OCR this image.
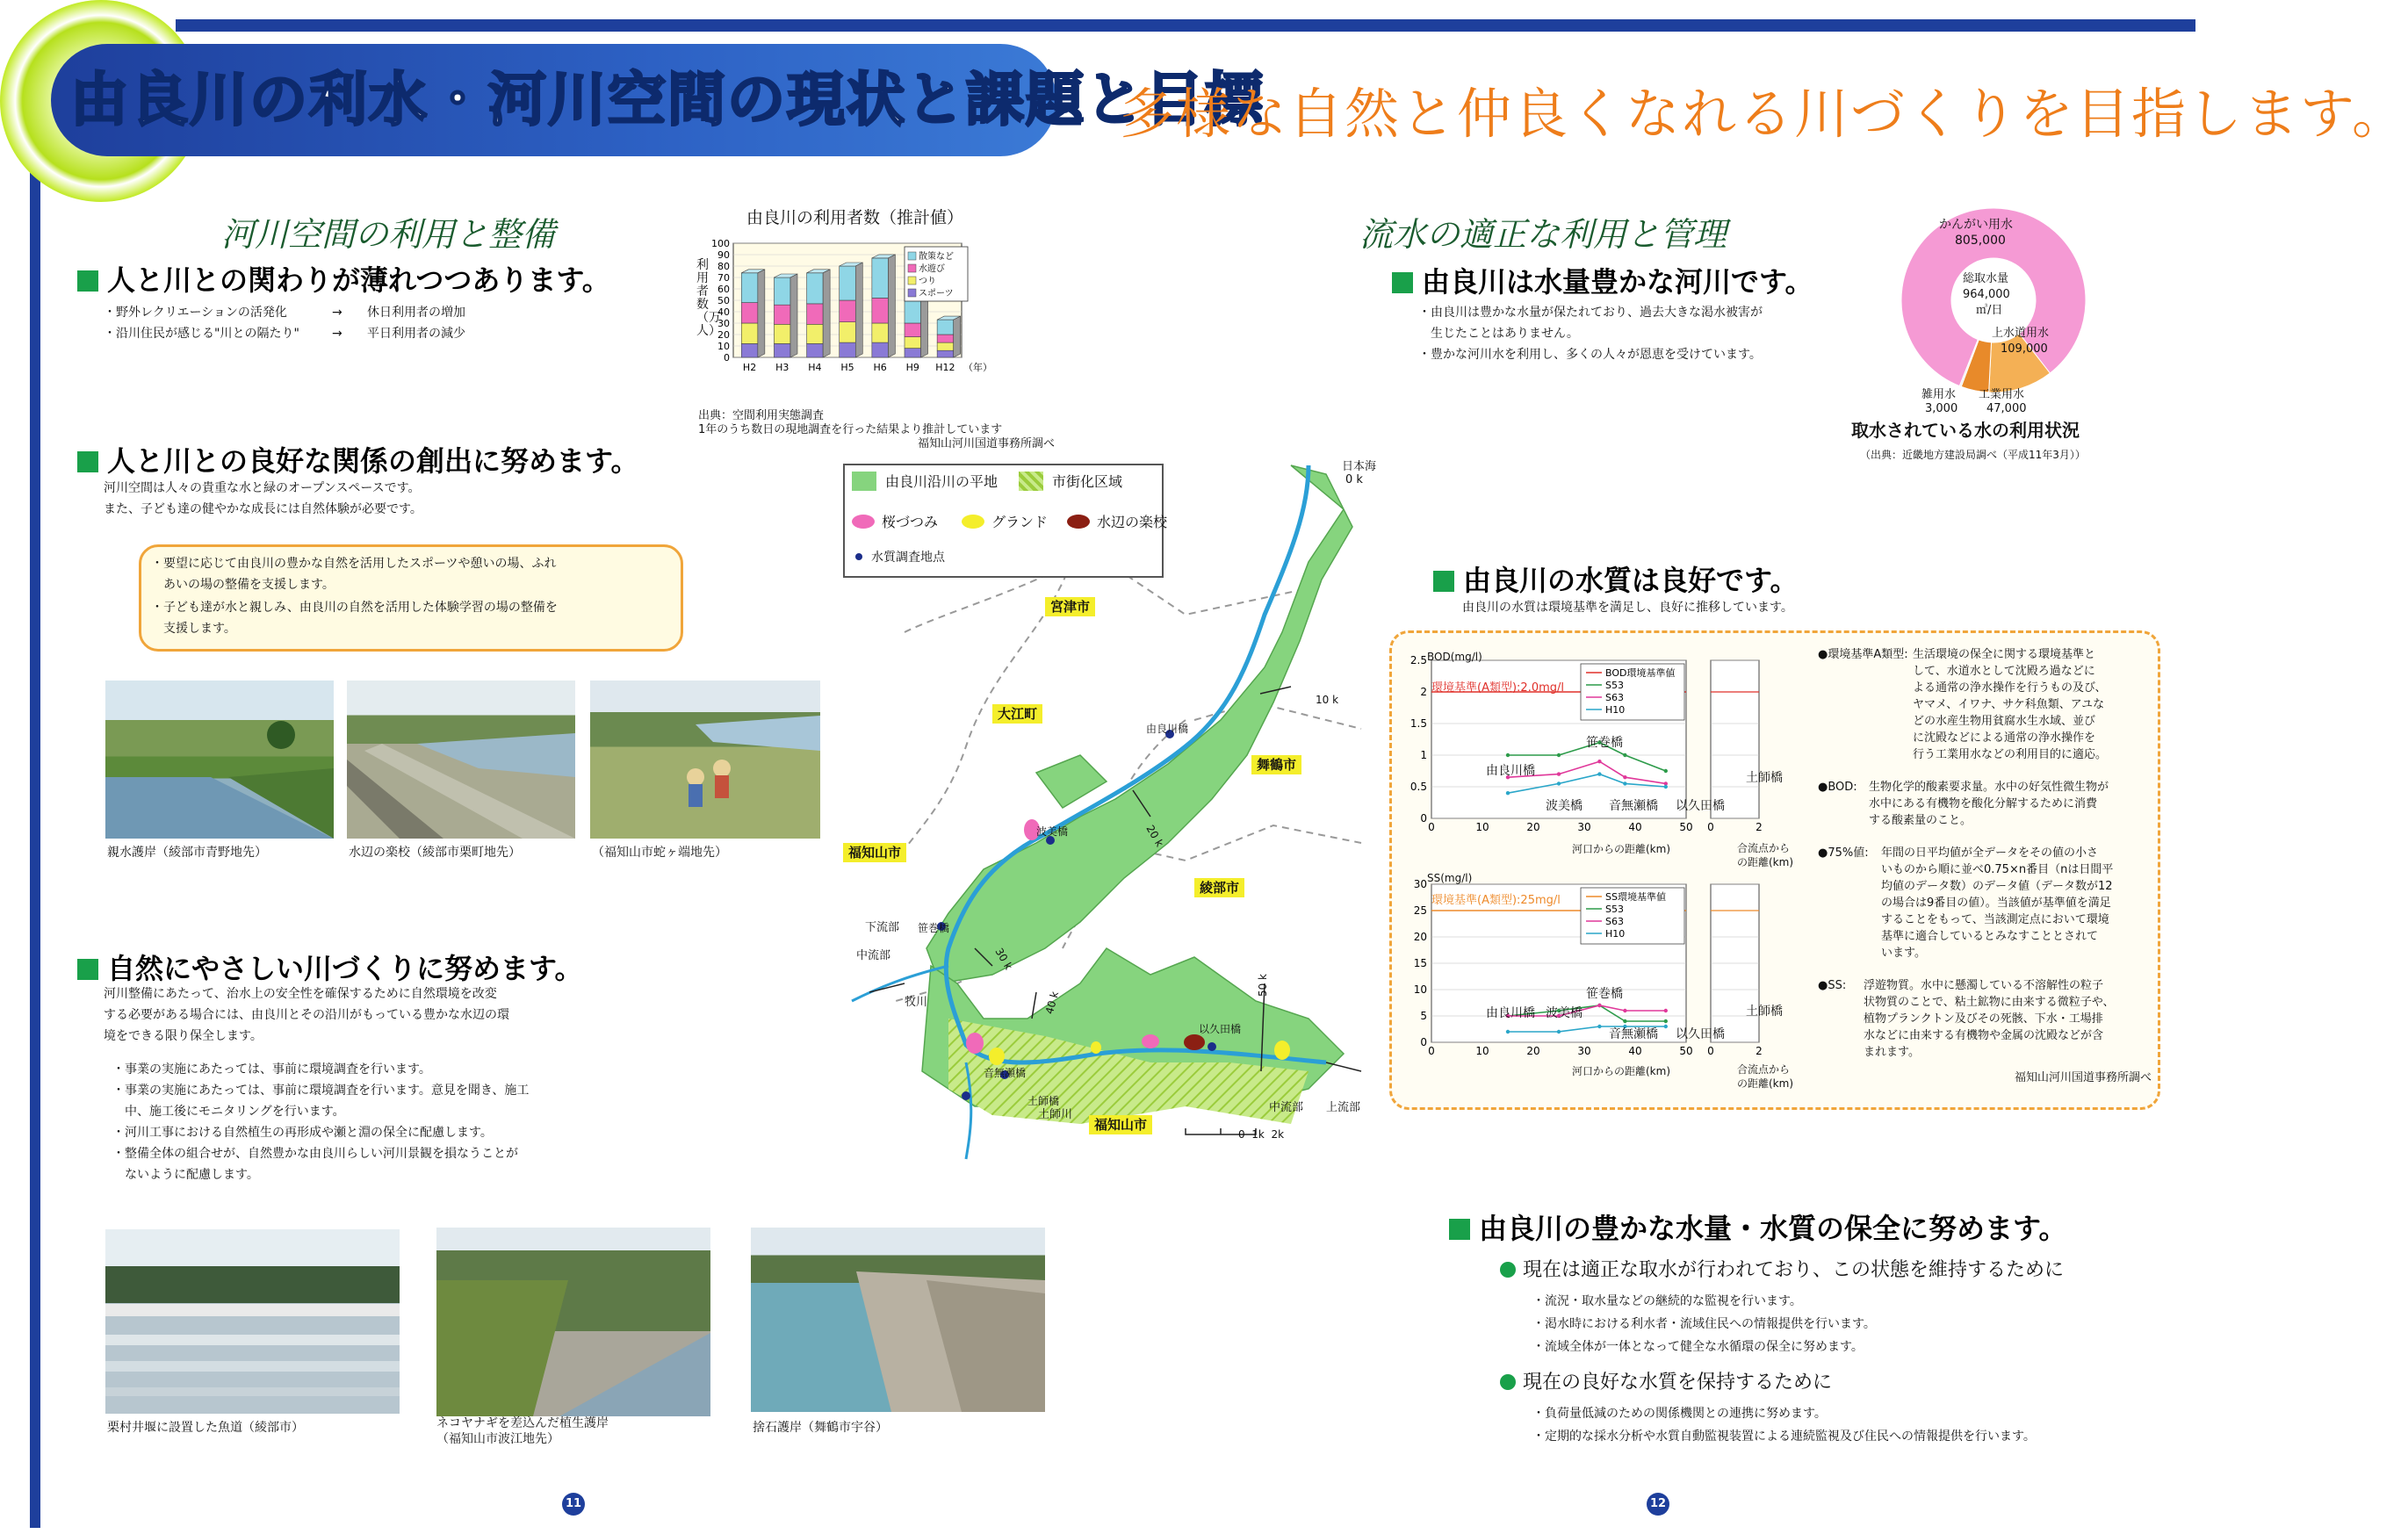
由良川の利水・河川空間の現状と課題と目標
多様な自然と仲良くなれる川づくりを目指します。
河川空間の利用と整備
人と川との関わりが薄れつつあります。
・野外レクリエーションの活発化	→ 休日利用者の増加
・沿川住民が感じる"川との隔たり"	→ 平日利用者の減少
人と川との良好な関係の創出に努めます。
河川空間は人々の貴重な水と緑のオープンスペースです。
また、子ども達の健やかな成長には自然体験が必要です。
・要望に応じて由良川の豊かな自然を活用したスポーツや憩いの場、ふれ
　あいの場の整備を支援します。
・子ども達が水と親しみ、由良川の自然を活用した体験学習の場の整備を
　支援します。
親水護岸（綾部市青野地先）	水辺の楽校（綾部市栗町地先）	（福知山市蛇ヶ端地先）
自然にやさしい川づくりに努めます。
河川整備にあたって、治水上の安全性を確保するために自然環境を改変
する必要がある場合には、由良川とその沿川がもっている豊かな水辺の環
境をできる限り保全します。
・事業の実施にあたっては、事前に環境調査を行います。
・事業の実施にあたっては、事前に環境調査を行います。意見を聞き、施工
　中、施工後にモニタリングを行います。
・河川工事における自然植生の再形成や瀬と淵の保全に配慮します。
・整備全体の組合せが、自然豊かな由良川らしい河川景観を損なうことが
　ないように配慮します。
栗村井堰に設置した魚道（綾部市）	ネコヤナギを差込んだ植生護岸
（福知山市波江地先）
捨石護岸（舞鶴市宇谷）
11
由良川の利用者数（推計値）
0
10
20
30
40
50
60
70
80
90
100
H2 H3 H4 H5 H6 H9 H12 （年）
散策など
水遊び
つり
スポーツ
利用者数（万人）
出典：空間利用実態調査
1年のうち数日の現地調査を行った結果より推計しています
福知山河川国道事務所調べ
日本海
0 k
宮津市
大江町
舞鶴市
福知山市
綾部市
福知山市
由良川橋
波美橋
笹巻橋
音無瀬橋
土師橋
以久田橋
10 k
20 k
30 k
40 k
50 k
下流部
中流部
牧川
土師川
中流部 上流部
0  1k  2k
由良川沿川の平地	市街化区域
桜づつみ	グランド	水辺の楽校
水質調査地点
流水の適正な利用と管理
由良川は水量豊かな河川です。
・由良川は豊かな水量が保たれており、過去大きな渇水被害が
　生じたことはありません。
・豊かな河川水を利用し、多くの人々が恩恵を受けています。
かんがい用水
805,000
総取水量
964,000
㎥/日
上水道用水
109,000
雑用水
3,000
工業用水
47,000
取水されている水の利用状況
（出典：近畿地方建設局調べ（平成11年3月））
由良川の水質は良好です。
由良川の水質は環境基準を満足し、良好に推移しています。
0
0.5
1
1.5
2
2.5
0	10	20	30	40	50
BOD環境基準値
S53
S63
H10
0	2
BOD(mg/l)
環境基準(A類型):2.0mg/l
河口からの距離(km)	合流点から
の距離(km)
由良川橋
笹巻橋
波美橋 音無瀬橋 以久田橋
土師橋
0
5
10
15
20
25
30
0	10	20	30	40	50
SS環境基準値
S53
S63
H10
0	2
SS(mg/l)
環境基準(A類型):25mg/l
河口からの距離(km)	合流点から
の距離(km)
由良川橋
笹巻橋
波美橋
音無瀬橋 以久田橋
土師橋
●環境基準A類型: 生活環境の保全に関する環境基準と
して、水道水として沈殿ろ過などに
よる通常の浄水操作を行うもの及び、
ヤマメ、イワナ、サケ科魚類、アユな
どの水産生物用貧腐水生水域、並び
に沈殿などによる通常の浄水操作を
行う工業用水などの利用目的に適応。
●BOD:	生物化学的酸素要求量。水中の好気性微生物が
水中にある有機物を酸化分解するために消費
する酸素量のこと。
●75%値:	年間の日平均値が全データをその値の小さ
いものから順に並べ0.75×n番目（nは日間平
均値のデータ数）のデータ値（データ数が12
の場合は9番目の値）。当該値が基準値を満足
することをもって、当該測定点において環境
基準に適合しているとみなすこととされて
います。
●SS:	浮遊物質。水中に懸濁している不溶解性の粒子
状物質のことで、粘土鉱物に由来する微粒子や、
植物プランクトン及びその死骸、下水・工場排
水などに由来する有機物や金属の沈殿などが含
まれます。
福知山河川国道事務所調べ
由良川の豊かな水量・水質の保全に努めます。
現在は適正な取水が行われており、この状態を維持するために
・流況・取水量などの継続的な監視を行います。
・渇水時における利水者・流域住民への情報提供を行います。
・流域全体が一体となって健全な水循環の保全に努めます。
現在の良好な水質を保持するために
・負荷量低減のための関係機関との連携に努めます。
・定期的な採水分析や水質自動監視装置による連続監視及び住民への情報提供を行います。
12
